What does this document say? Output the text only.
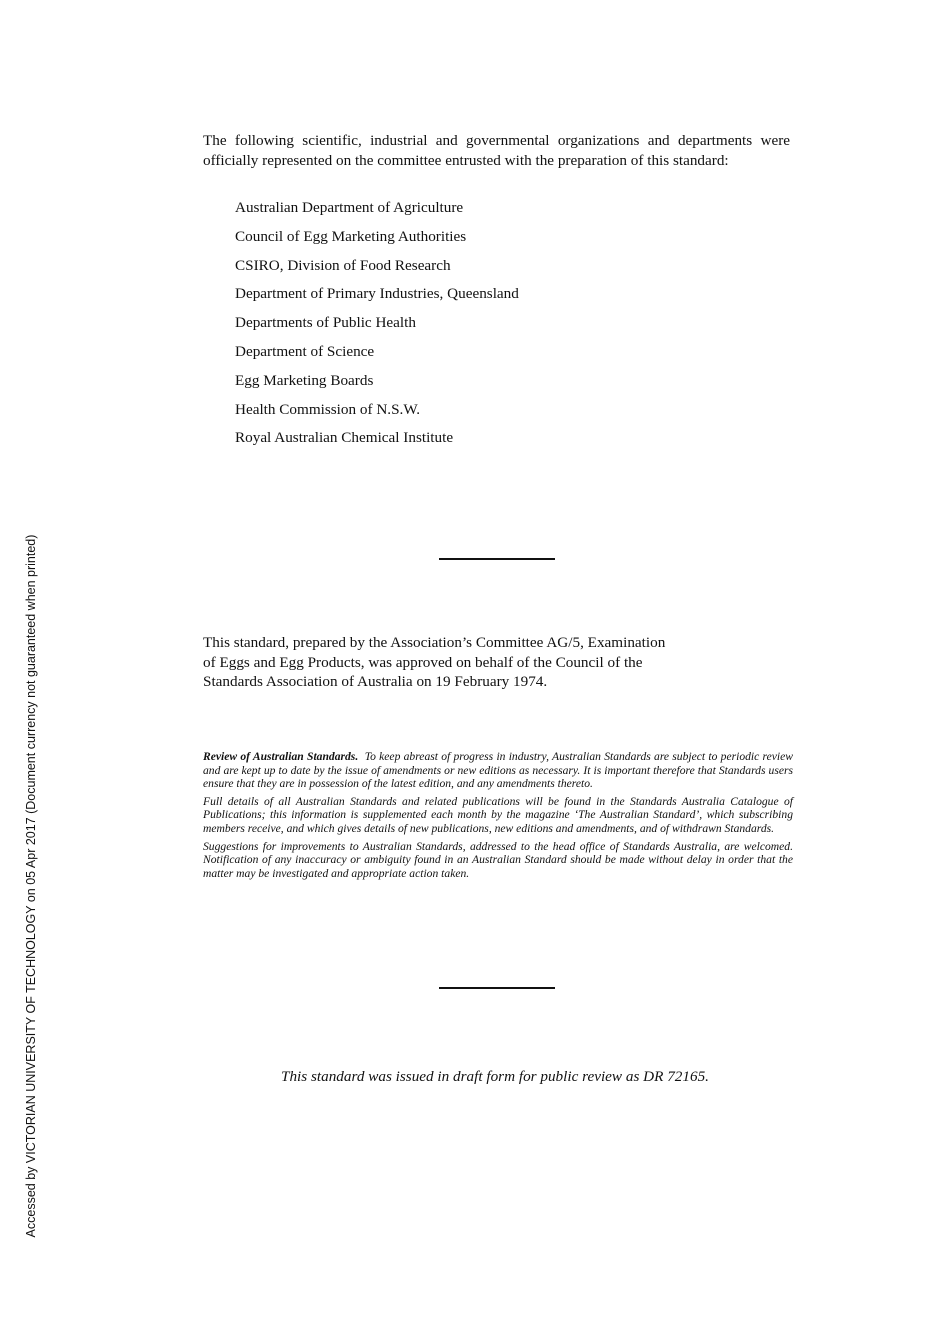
Accessed by VICTORIAN UNIVERSITY OF TECHNOLOGY on 05 Apr 2017 (Document currency not guaranteed when printed)

The following scientific, industrial and governmental organizations and departments were officially represented on the committee entrusted with the preparation of this standard:

Australian Department of Agriculture
Council of Egg Marketing Authorities
CSIRO, Division of Food Research
Department of Primary Industries, Queensland
Departments of Public Health
Department of Science
Egg Marketing Boards
Health Commission of N.S.W.
Royal Australian Chemical Institute

This standard, prepared by the Association’s Committee AG/5, Examination
of Eggs and Egg Products, was approved on behalf of the Council of the
Standards Association of Australia on 19 February 1974.

Review of Australian Standards. To keep abreast of progress in industry, Australian Standards are subject to periodic review and are kept up to date by the issue of amendments or new editions as necessary. It is important therefore that Standards users ensure that they are in possession of the latest edition, and any amendments thereto.

Full details of all Australian Standards and related publications will be found in the Standards Australia Catalogue of Publications; this information is supplemented each month by the magazine ‘The Australian Standard’, which subscribing members receive, and which gives details of new publications, new editions and amendments, and of withdrawn Standards.

Suggestions for improvements to Australian Standards, addressed to the head office of Standards Australia, are welcomed. Notification of any inaccuracy or ambiguity found in an Australian Standard should be made without delay in order that the matter may be investigated and appropriate action taken.

This standard was issued in draft form for public review as DR 72165.
